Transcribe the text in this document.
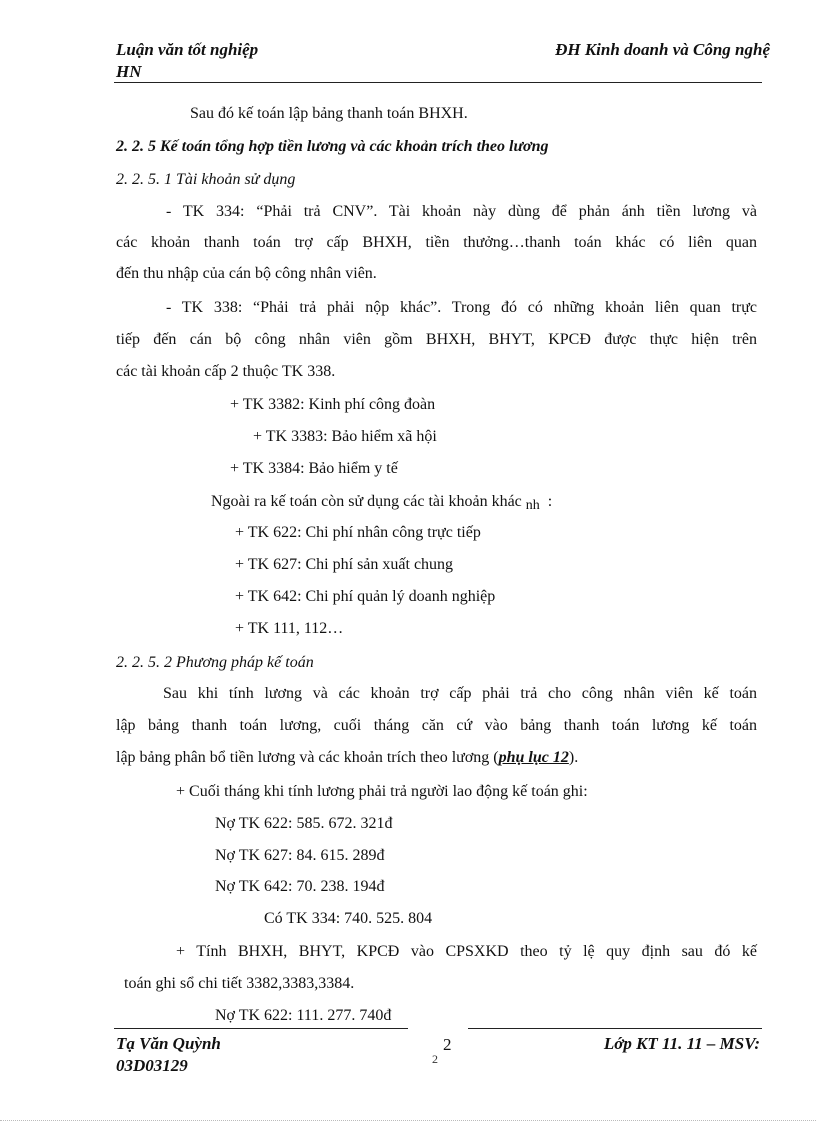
Luận văn tốt nghiệp
HN
ĐH Kinh doanh và Công nghệ
Sau đó kế toán lập bảng thanh toán BHXH.
2. 2. 5 Kế toán tổng hợp tiền lương và các khoản trích theo lương
2. 2. 5. 1 Tài khoản sử dụng
- TK 334: “Phải trả CNV”. Tài khoản này dùng để phản ánh tiền lương và
các khoản thanh toán trợ cấp BHXH, tiền thưởng…thanh toán khác có liên quan
đến thu nhập của cán bộ công nhân viên.
- TK 338: “Phải trả phải nộp khác”. Trong đó có những khoản liên quan trực
tiếp đến cán bộ công nhân viên gồm BHXH, BHYT, KPCĐ được thực hiện trên
các tài khoản cấp 2 thuộc TK 338.
+ TK 3382: Kinh phí công đoàn
+ TK 3383: Bảo hiểm xã hội
+ TK 3384: Bảo hiểm y tế
Ngoài ra kế toán còn sử dụng các tài khoản khác nh :
+ TK 622: Chi phí nhân công trực tiếp
+ TK 627: Chi phí sản xuất chung
+ TK 642: Chi phí quản lý doanh nghiệp
+ TK 111, 112…
2. 2. 5. 2 Phương pháp kế toán
Sau khi tính lương và các khoản trợ cấp phải trả cho công nhân viên kế toán
lập bảng thanh toán lương, cuối tháng căn cứ vào bảng thanh toán lương kế toán
lập bảng phân bổ tiền lương và các khoản trích theo lương (phụ lục 12).
+ Cuối tháng khi tính lương phải trả người lao động kế toán ghi:
Nợ TK 622: 585. 672. 321đ
Nợ TK 627: 84. 615. 289đ
Nợ TK 642: 70. 238. 194đ
Có TK 334: 740. 525. 804
+ Tính BHXH, BHYT, KPCĐ vào CPSXKD theo tỷ lệ quy định sau đó kế
toán ghi sổ chi tiết 3382,3383,3384.
Nợ TK 622: 111. 277. 740đ
Tạ Văn Quỳnh
03D03129
2
2
Lớp KT 11. 11 – MSV:
